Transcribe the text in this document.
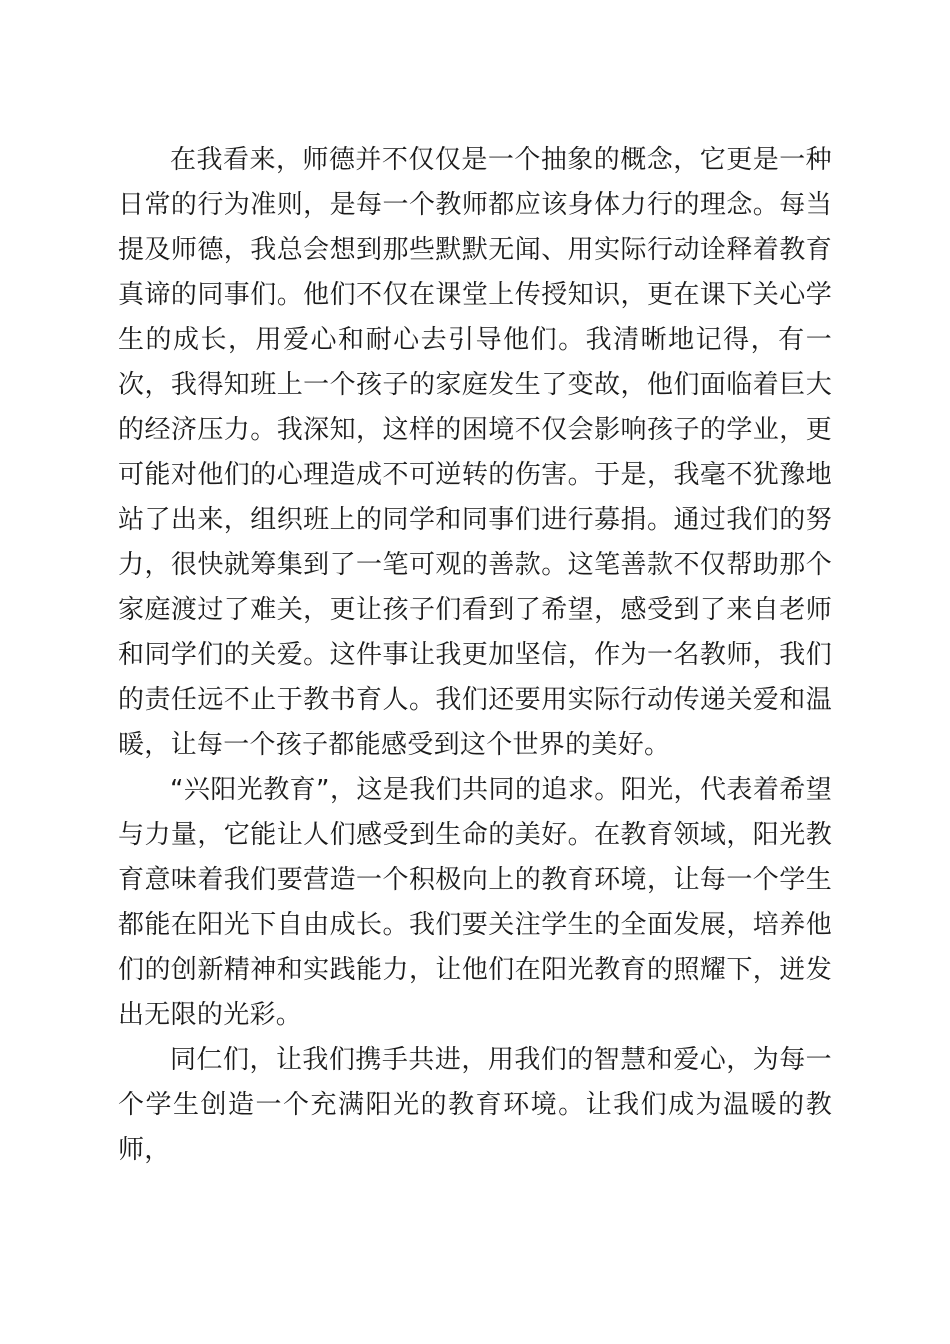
在我看来，师德并不仅仅是一个抽象的概念，它更是一种日常的行为准则，是每一个教师都应该身体力行的理念。每当提及师德，我总会想到那些默默无闻、用实际行动诠释着教育真谛的同事们。他们不仅在课堂上传授知识，更在课下关心学生的成长，用爱心和耐心去引导他们。我清晰地记得，有一次，我得知班上一个孩子的家庭发生了变故，他们面临着巨大的经济压力。我深知，这样的困境不仅会影响孩子的学业，更可能对他们的心理造成不可逆转的伤害。于是，我毫不犹豫地站了出来，组织班上的同学和同事们进行募捐。通过我们的努力，很快就筹集到了一笔可观的善款。这笔善款不仅帮助那个家庭渡过了难关，更让孩子们看到了希望，感受到了来自老师和同学们的关爱。这件事让我更加坚信，作为一名教师，我们的责任远不止于教书育人。我们还要用实际行动传递关爱和温暖，让每一个孩子都能感受到这个世界的美好。

“兴阳光教育”，这是我们共同的追求。阳光，代表着希望与力量，它能让人们感受到生命的美好。在教育领域，阳光教育意味着我们要营造一个积极向上的教育环境，让每一个学生都能在阳光下自由成长。我们要关注学生的全面发展，培养他们的创新精神和实践能力，让他们在阳光教育的照耀下，迸发出无限的光彩。

同仁们，让我们携手共进，用我们的智慧和爱心，为每一个学生创造一个充满阳光的教育环境。让我们成为温暖的教师，
